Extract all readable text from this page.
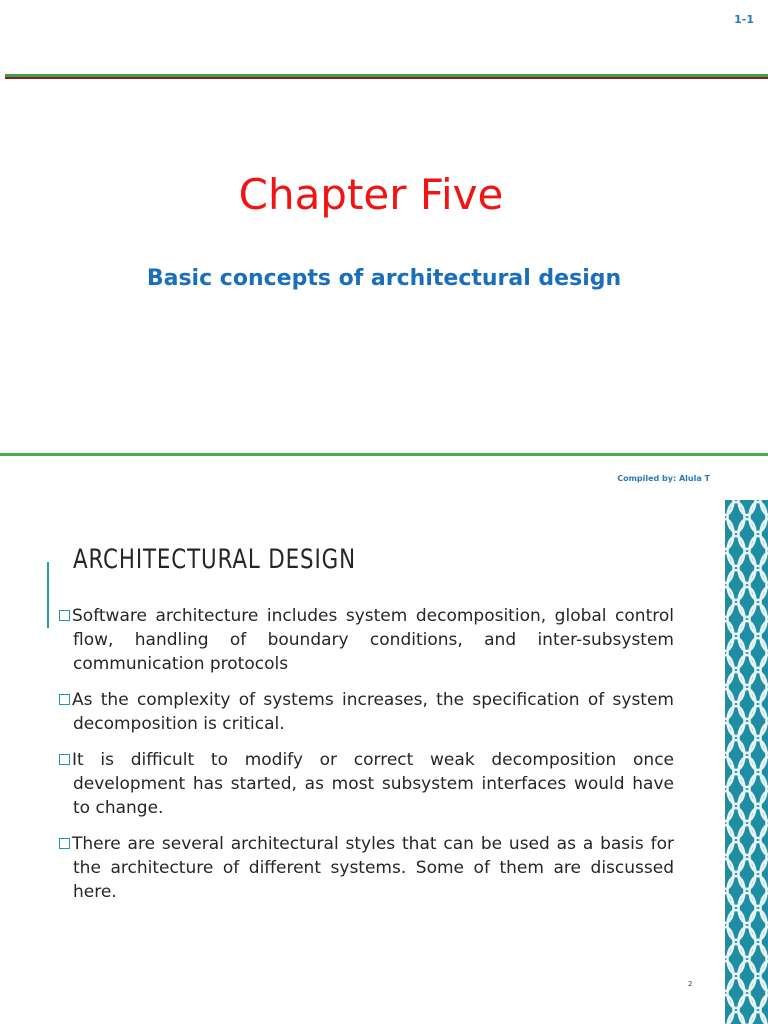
1-1
Chapter Five
Basic concepts of architectural design
Compiled by: Alula T
ARCHITECTURAL DESIGN
Software architecture includes system decomposition, global control flow, handling of boundary conditions, and inter-subsystem communication protocols
As the complexity of systems increases, the specification of system decomposition is critical.
It is difficult to modify or correct weak decomposition once development has started, as most subsystem interfaces would have to change.
There are several architectural styles that can be used as a basis for the architecture of different systems. Some of them are discussed here.
2
